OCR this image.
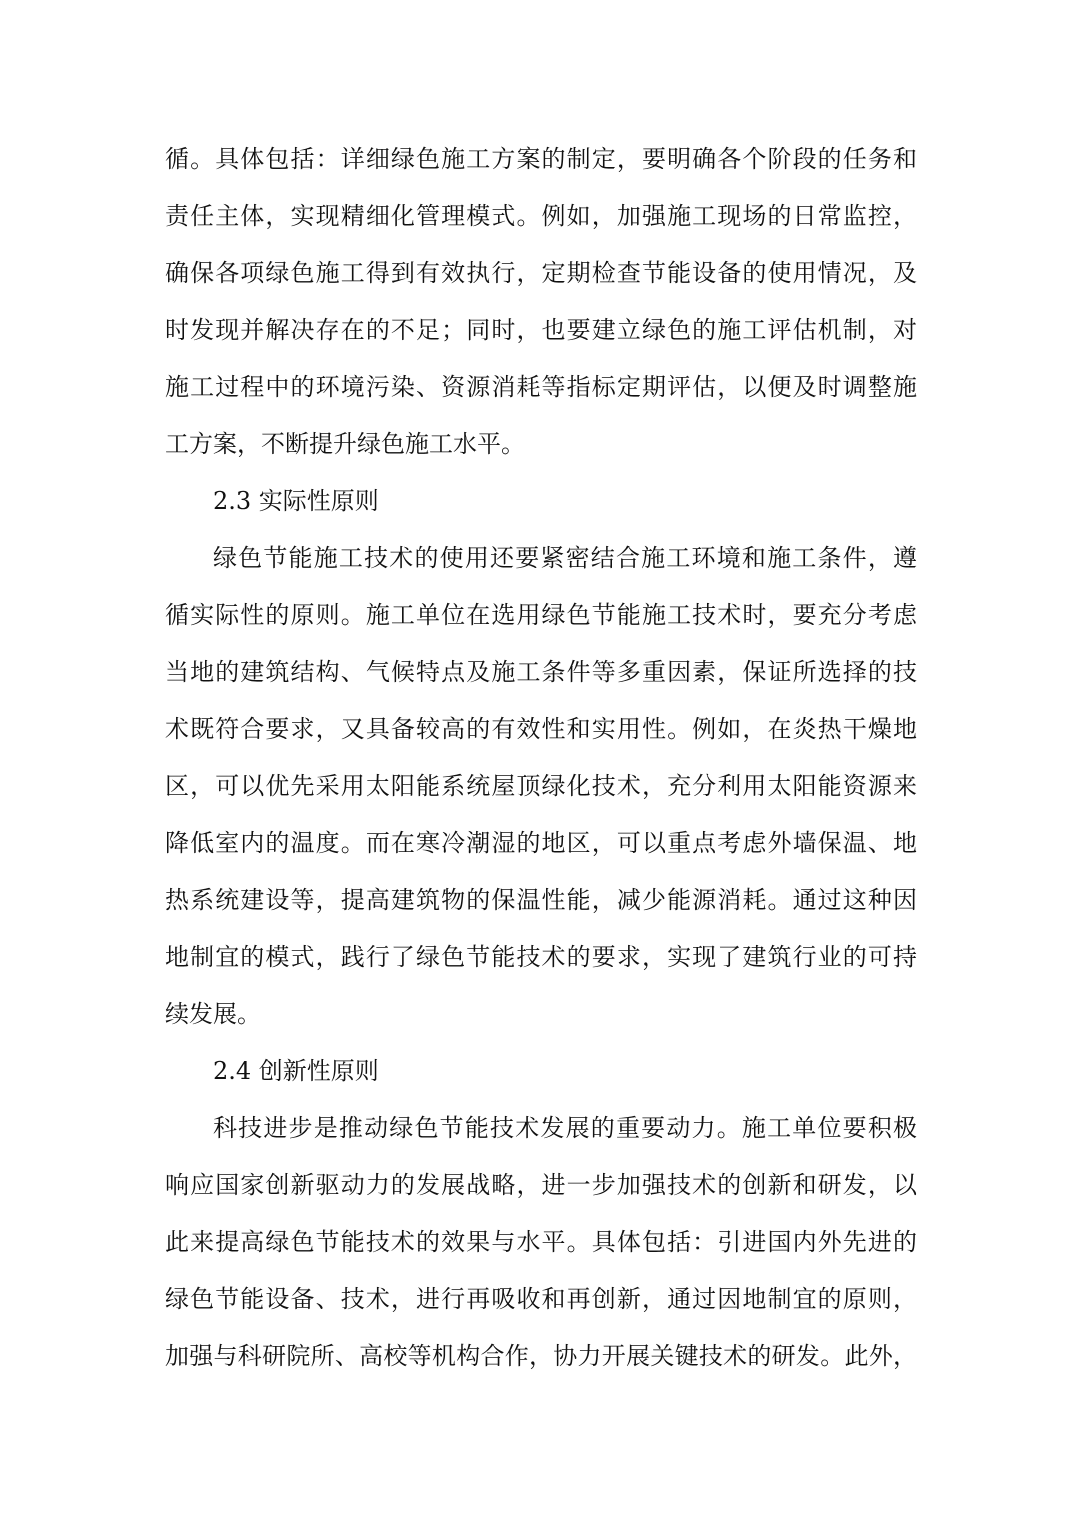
循。具体包括：详细绿色施工方案的制定，要明确各个阶段的任务和
责任主体，实现精细化管理模式。例如，加强施工现场的日常监控，
确保各项绿色施工得到有效执行，定期检查节能设备的使用情况，及
时发现并解决存在的不足；同时，也要建立绿色的施工评估机制，对
施工过程中的环境污染、资源消耗等指标定期评估，以便及时调整施
工方案，不断提升绿色施工水平。
2.3 实际性原则
绿色节能施工技术的使用还要紧密结合施工环境和施工条件，遵
循实际性的原则。施工单位在选用绿色节能施工技术时，要充分考虑
当地的建筑结构、气候特点及施工条件等多重因素，保证所选择的技
术既符合要求，又具备较高的有效性和实用性。例如，在炎热干燥地
区，可以优先采用太阳能系统屋顶绿化技术，充分利用太阳能资源来
降低室内的温度。而在寒冷潮湿的地区，可以重点考虑外墙保温、地
热系统建设等，提高建筑物的保温性能，减少能源消耗。通过这种因
地制宜的模式，践行了绿色节能技术的要求，实现了建筑行业的可持
续发展。
2.4 创新性原则
科技进步是推动绿色节能技术发展的重要动力。施工单位要积极
响应国家创新驱动力的发展战略，进一步加强技术的创新和研发，以
此来提高绿色节能技术的效果与水平。具体包括：引进国内外先进的
绿色节能设备、技术，进行再吸收和再创新，通过因地制宜的原则，
加强与科研院所、高校等机构合作，协力开展关键技术的研发。此外，
